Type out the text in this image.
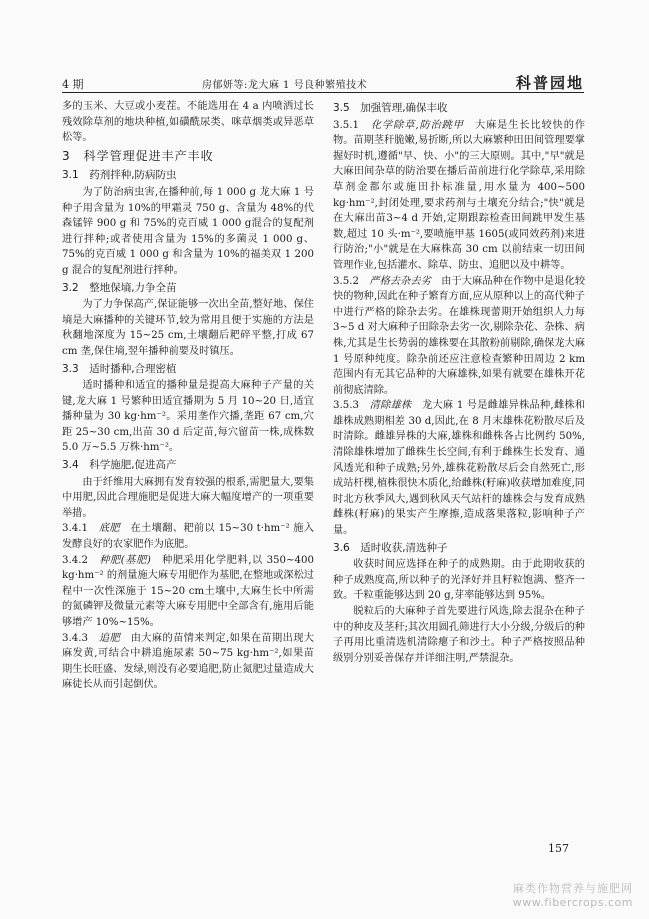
4 期	房郁妍等:龙大麻 1 号良种繁殖技术	科普园地

多的玉米、大豆或小麦茬。不能选用在 4 a 内喷洒过长残效除草剂的地块种植,如磺酰尿类、咪草烟类或异恶草松等。

3　科学管理促进丰产丰收
3.1　药剂拌种,防病防虫

为了防治病虫害,在播种前,每 1 000 g 龙大麻 1 号种子用含量为 10%的甲霜灵 750 g、含量为 48%的代森锰锌 900 g 和 75%的克百威 1 000 g混合的复配剂进行拌种;或者使用含量为 15%的多菌灵 1 000 g、75%的克百威 1 000 g 和含量为 10%的福美双 1 200 g 混合的复配剂进行拌种。

3.2　整地保墒,力争全苗

为了力争保高产,保证能够一次出全苗,整好地、保住墒是大麻播种的关键环节,较为常用且便于实施的方法是秋翻地深度为 15~25 cm,土壤翻后耙碎平整,打成 67 cm 垄,保住墒,翌年播种前要及时镇压。

3.3　适时播种,合理密植

适时播种和适宜的播种量是提高大麻种子产量的关键,龙大麻 1 号繁种田适宜播期为 5 月 10~20 日,适宜播种量为 30 kg·hm⁻²。采用垄作穴播,垄距 67 cm,穴距 25~30 cm,出苗 30 d 后定苗,每穴留苗一株,成株数 5.0 万~5.5 万株·hm⁻²。

3.4　科学施肥,促进高产

由于纤维用大麻拥有发育较强的根系,需肥量大,要集中用肥,因此合理施肥是促进大麻大幅度增产的一项重要举措。

3.4.1　 底肥　 在土壤翻、耙前以 15~30 t·hm⁻² 施入发酵良好的农家肥作为底肥。

3.4.2　 种肥(基肥)　 种肥采用化学肥料,以 350~400 kg·hm⁻² 的剂量施大麻专用肥作为基肥,在整地或深松过程中一次性深施于 15~20 cm土壤中,大麻生长中所需的氮磷钾及微量元素等大麻专用肥中全部含有,施用后能够增产 10%~15%。

3.4.3　 追肥　 由大麻的苗情来判定,如果在苗期出现大麻发黄,可结合中耕追施尿素 50~75 kg·hm⁻²,如果苗期生长旺盛、发绿,则没有必要追肥,防止氮肥过量造成大麻徒长从而引起倒伏。

3.5　加强管理,确保丰收

3.5.1　 化学除草,防治跳甲　 大麻是生长比较快的作物。苗期茎秆脆嫩,易折断,所以大麻繁种田田间管理要掌握好时机,遵循"早、快、小"的三大原则。其中,"早"就是大麻田间杂草的防治要在播后苗前进行化学除草,采用除草剂金都尔或施田扑标准量,用水量为 400~500 kg·hm⁻²,封闭处理,要求药剂与土壤充分结合;"快"就是在大麻出苗3~4 d 开始,定期跟踪检查田间跳甲发生基数,超过 10 头·m⁻²,要喷施甲基 1605(或同效药剂)来进行防治;"小"就是在大麻株高 30 cm 以前结束一切田间管理作业,包括灌水、除草、防虫、追肥以及中耕等。

3.5.2　 严格去杂去劣　 由于大麻品种在作物中是退化较快的物种,因此在种子繁育方面,应从原种以上的高代种子中进行严格的除杂去劣。在雄株现蕾期开始组织人力每 3~5 d 对大麻种子田除杂去劣一次,剔除杂花、杂株、病株,尤其是生长势弱的雄株要在其散粉前剔除,确保龙大麻 1 号原种纯度。除杂前还应注意检查繁种田周边 2 km范围内有无其它品种的大麻雄株,如果有就要在雄株开花前彻底清除。

3.5.3　 清除雄株　 龙大麻 1 号是雌雄异株品种,雌株和雄株成熟期相差 30 d,因此,在 8 月末雄株花粉散尽后及时清除。雌雄异株的大麻,雄株和雌株各占比例约 50%,清除雄株增加了雌株生长空间,有利于雌株生长发育、通风透光和种子成熟;另外,雄株花粉散尽后会自然死亡,形成站杆棵,植株很快木质化,给雌株(籽麻)收获增加难度,同时北方秋季风大,遇到秋风天气站杆的雄株会与发育成熟雌株(籽麻)的果实产生摩擦,造成落果落粒,影响种子产量。

3.6　适时收获,清选种子

收获时间应选择在种子的成熟期。由于此期收获的种子成熟度高,所以种子的光泽好并且籽粒饱满、整齐一致。千粒重能够达到 20 g,芽率能够达到 95%。

脱粒后的大麻种子首先要进行风选,除去混杂在种子中的种皮及茎秆;其次用圆孔筛进行大小分级,分级后的种子再用比重清选机清除瘪子和沙土。种子严格按照品种级别分别妥善保存并详细注明,严禁混杂。

157
麻类作物营养与施肥网
www.fibercrops.com
